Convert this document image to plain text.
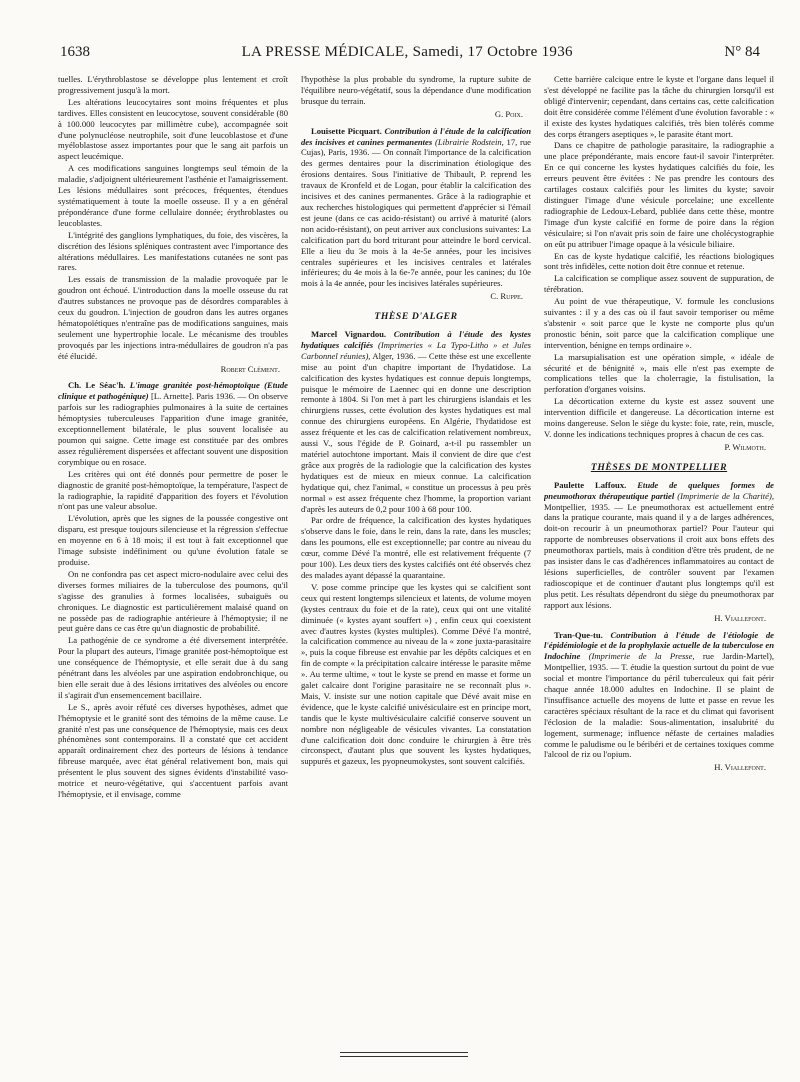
1638	LA PRESSE MÉDICALE, Samedi, 17 Octobre 1936	N° 84

tuelles. L'érythroblastose se développe plus lentement et croît progressivement jusqu'à la mort.

Les altérations leucocytaires sont moins fréquentes et plus tardives. Elles consistent en leucocytose, souvent considérable (80 à 100.000 leucocytes par millimètre cube), accompagnée soit d'une polynucléose neutrophile, soit d'une leucoblastose et d'une myéloblastose assez importantes pour que le sang ait parfois un aspect leucémique.

A ces modifications sanguines longtemps seul témoin de la maladie, s'adjoignent ultérieurement l'asthénie et l'amaigrissement. Les lésions médullaires sont précoces, fréquentes, étendues systématiquement à toute la moelle osseuse. Il y a en général prépondérance d'une forme cellulaire donnée; érythroblastes ou leucoblastes.

L'intégrité des ganglions lymphatiques, du foie, des viscères, la discrétion des lésions spléniques contrastent avec l'importance des altérations médullaires. Les manifestations cutanées ne sont pas rares.

Les essais de transmission de la maladie provoquée par le goudron ont échoué. L'introduction dans la moelle osseuse du rat d'autres substances ne provoque pas de désordres comparables à ceux du goudron. L'injection de goudron dans les autres organes hématopoïétiques n'entraîne pas de modifications sanguines, mais seulement une hypertrophie locale. Le mécanisme des troubles provoqués par les injections intra-médullaires de goudron n'a pas été élucidé.

Robert Clément.

Ch. Le Séac'h. L'image granitée post-hémoptoïque (Etude clinique et pathogénique) [L. Arnette]. Paris 1936. — On observe parfois sur les radiographies pulmonaires à la suite de certaines hémoptysies tuberculeuses l'apparition d'une image granitée, exceptionnellement bilatérale, le plus souvent localisée au poumon qui saigne. Cette image est constituée par des ombres assez régulièrement dispersées et affectant souvent une disposition corymbique ou en rosace.

Les critères qui ont été donnés pour permettre de poser le diagnostic de granité post-hémoptoïque, la température, l'aspect de la radiographie, la rapidité d'apparition des foyers et l'évolution n'ont pas une valeur absolue.

L'évolution, après que les signes de la poussée congestive ont disparu, est presque toujours silencieuse et la régression s'effectue en moyenne en 6 à 18 mois; il est tout à fait exceptionnel que l'image subsiste indéfiniment ou qu'une évolution fatale se produise.

On ne confondra pas cet aspect micro-nodulaire avec celui des diverses formes miliaires de la tuberculose des poumons, qu'il s'agisse des granulies à formes localisées, subaiguës ou chroniques. Le diagnostic est particulièrement malaisé quand on ne possède pas de radiographie antérieure à l'hémoptysie; il ne peut guère dans ce cas être qu'un diagnostic de probabilité.

La pathogénie de ce syndrome a été diversement interprétée. Pour la plupart des auteurs, l'image granitée post-hémoptoïque est une conséquence de l'hémoptysie, et elle serait due à du sang pénétrant dans les alvéoles par une aspiration endobronchique, ou bien elle serait due à des lésions irritatives des alvéoles ou encore il s'agirait d'un ensemencement bacillaire.

Le S., après avoir réfuté ces diverses hypothèses, admet que l'hémoptysie et le granité sont des témoins de la même cause. Le granité n'est pas une conséquence de l'hémoptysie, mais ces deux phénomènes sont contemporains. Il a constaté que cet accident apparaît ordinairement chez des porteurs de lésions à tendance fibreuse marquée, avec état général relativement bon, mais qui présentent le plus souvent des signes évidents d'instabilité vaso-motrice et neuro-végétative, qui s'accentuent parfois avant l'hémoptysie, et il envisage, comme

l'hypothèse la plus probable du syndrome, la rupture subite de l'équilibre neuro-végétatif, sous la dépendance d'une modification brusque du terrain.

G. Poix.

Louisette Picquart. Contribution à l'étude de la calcification des incisives et canines permanentes (Librairie Rodstein, 17, rue Cujas), Paris, 1936. — On connaît l'importance de la calcification des germes dentaires pour la discrimination étiologique des érosions dentaires. Sous l'initiative de Thibault, P. reprend les travaux de Kronfeld et de Logan, pour établir la calcification des incisives et des canines permanentes. Grâce à la radiographie et aux recherches histologiques qui permettent d'apprécier si l'émail est jeune (dans ce cas acido-résistant) ou arrivé à maturité (alors non acido-résistant), on peut arriver aux conclusions suivantes: La calcification part du bord triturant pour atteindre le bord cervical. Elle a lieu du 3e mois à la 4e-5e années, pour les incisives centrales supérieures et les incisives centrales et latérales inférieures; du 4e mois à la 6e-7e année, pour les canines; du 10e mois à la 4e année, pour les incisives latérales supérieures.

C. Ruppe.

THÈSE D'ALGER

Marcel Vignardou. Contribution à l'étude des kystes hydatiques calcifiés (Imprimeries « La Typo-Litho » et Jules Carbonnel réunies), Alger, 1936. — Cette thèse est une excellente mise au point d'un chapitre important de l'hydatidose. La calcification des kystes hydatiques est connue depuis longtemps, puisque le mémoire de Laennec qui en donne une description remonte à 1804. Si l'on met à part les chirurgiens islandais et les chirurgiens russes, cette évolution des kystes hydatiques est mal connue des chirurgiens européens. En Algérie, l'hydatidose est assez fréquente et les cas de calcification relativement nombreux, aussi V., sous l'égide de P. Goinard, a-t-il pu rassembler un matériel autochtone important. Mais il convient de dire que c'est grâce aux progrès de la radiologie que la calcification des kystes hydatiques est de mieux en mieux connue. La calcification hydatique qui, chez l'animal, « constitue un processus à peu près normal » est assez fréquente chez l'homme, la proportion variant d'après les auteurs de 0,2 pour 100 à 68 pour 100.

Par ordre de fréquence, la calcification des kystes hydatiques s'observe dans le foie, dans le rein, dans la rate, dans les muscles; dans les poumons, elle est exceptionnelle; par contre au niveau du cœur, comme Dévé l'a montré, elle est relativement fréquente (7 pour 100). Les deux tiers des kystes calcifiés ont été observés chez des malades ayant dépassé la quarantaine.

V. pose comme principe que les kystes qui se calcifient sont ceux qui restent longtemps silencieux et latents, de volume moyen (kystes centraux du foie et de la rate), ceux qui ont une vitalité diminuée (« kystes ayant souffert ») , enfin ceux qui coexistent avec d'autres kystes (kystes multiples). Comme Dévé l'a montré, la calcification commence au niveau de la « zone juxta-parasitaire », puis la coque fibreuse est envahie par les dépôts calciques et en fin de compte « la précipitation calcaire intéresse le parasite même ». Au terme ultime, « tout le kyste se prend en masse et forme un galet calcaire dont l'origine parasitaire ne se reconnaît plus ». Mais, V. insiste sur une notion capitale que Dévé avait mise en évidence, que le kyste calcifié univésiculaire est en principe mort, tandis que le kyste multivésiculaire calcifié conserve souvent un nombre non négligeable de vésicules vivantes. La constatation d'une calcification doit donc conduire le chirurgien à être très circonspect, d'autant plus que souvent les kystes hydatiques, suppurés et gazeux, les pyopneumokystes, sont souvent calcifiés.

Cette barrière calcique entre le kyste et l'organe dans lequel il s'est développé ne facilite pas la tâche du chirurgien lorsqu'il est obligé d'intervenir; cependant, dans certains cas, cette calcification doit être considérée comme l'élément d'une évolution favorable : « il existe des kystes hydatiques calcifiés, très bien tolérés comme des corps étrangers aseptiques », le parasite étant mort.

Dans ce chapitre de pathologie parasitaire, la radiographie a une place prépondérante, mais encore faut-il savoir l'interpréter. En ce qui concerne les kystes hydatiques calcifiés du foie, les erreurs peuvent être évitées : Ne pas prendre les contours des cartilages costaux calcifiés pour les limites du kyste; savoir distinguer l'image d'une vésicule porcelaine; une excellente radiographie de Ledoux-Lebard, publiée dans cette thèse, montre l'image d'un kyste calcifié en forme de poire dans la région vésiculaire; si l'on n'avait pris soin de faire une cholécystographie on eût pu attribuer l'image opaque à la vésicule biliaire.

En cas de kyste hydatique calcifié, les réactions biologiques sont très infidèles, cette notion doit être connue et retenue.

La calcification se complique assez souvent de suppuration, de térébration.

Au point de vue thérapeutique, V. formule les conclusions suivantes : il y a des cas où il faut savoir temporiser ou même s'abstenir « soit parce que le kyste ne comporte plus qu'un pronostic bénin, soit parce que la calcification complique une intervention, bénigne en temps ordinaire ».

La marsupialisation est une opération simple, « idéale de sécurité et de bénignité », mais elle n'est pas exempte de complications telles que la cholerragie, la fistulisation, la perforation d'organes voisins.

La décortication externe du kyste est assez souvent une intervention difficile et dangereuse. La décortication interne est moins dangereuse. Selon le siège du kyste: foie, rate, rein, muscle, V. donne les indications techniques propres à chacun de ces cas.

P. Wilmoth.

THÈSES DE MONTPELLIER

Paulette Laffoux. Etude de quelques formes de pneumothorax thérapeutique partiel (Imprimerie de la Charité), Montpellier, 1935. — Le pneumothorax est actuellement entré dans la pratique courante, mais quand il y a de larges adhérences, doit-on recourir à un pneumothorax partiel? Pour l'auteur qui rapporte de nombreuses observations il croit aux bons effets des pneumothorax partiels, mais à condition d'être très prudent, de ne pas insister dans le cas d'adhérences inflammatoires au contact de lésions superficielles, de contrôler souvent par l'examen radioscopique et de continuer d'autant plus longtemps qu'il est plus petit. Les résultats dépendront du siège du pneumothorax par rapport aux lésions.

H. Viallefont.

Tran-Que-tu. Contribution à l'étude de l'étiologie de l'épidémiologie et de la prophylaxie actuelle de la tuberculose en Indochine (Imprimerie de la Presse, rue Jardin-Martel), Montpellier, 1935. — T. étudie la question surtout du point de vue social et montre l'importance du péril tuberculeux qui fait périr chaque année 18.000 adultes en Indochine. Il se plaint de l'insuffisance actuelle des moyens de lutte et passe en revue les caractères spéciaux résultant de la race et du climat qui favorisent l'éclosion de la maladie: Sous-alimentation, insalubrité du logement, surmenage; influence néfaste de certaines maladies comme le paludisme ou le béribéri et de certaines toxiques comme l'alcool de riz ou l'opium.

H. Viallefont.
